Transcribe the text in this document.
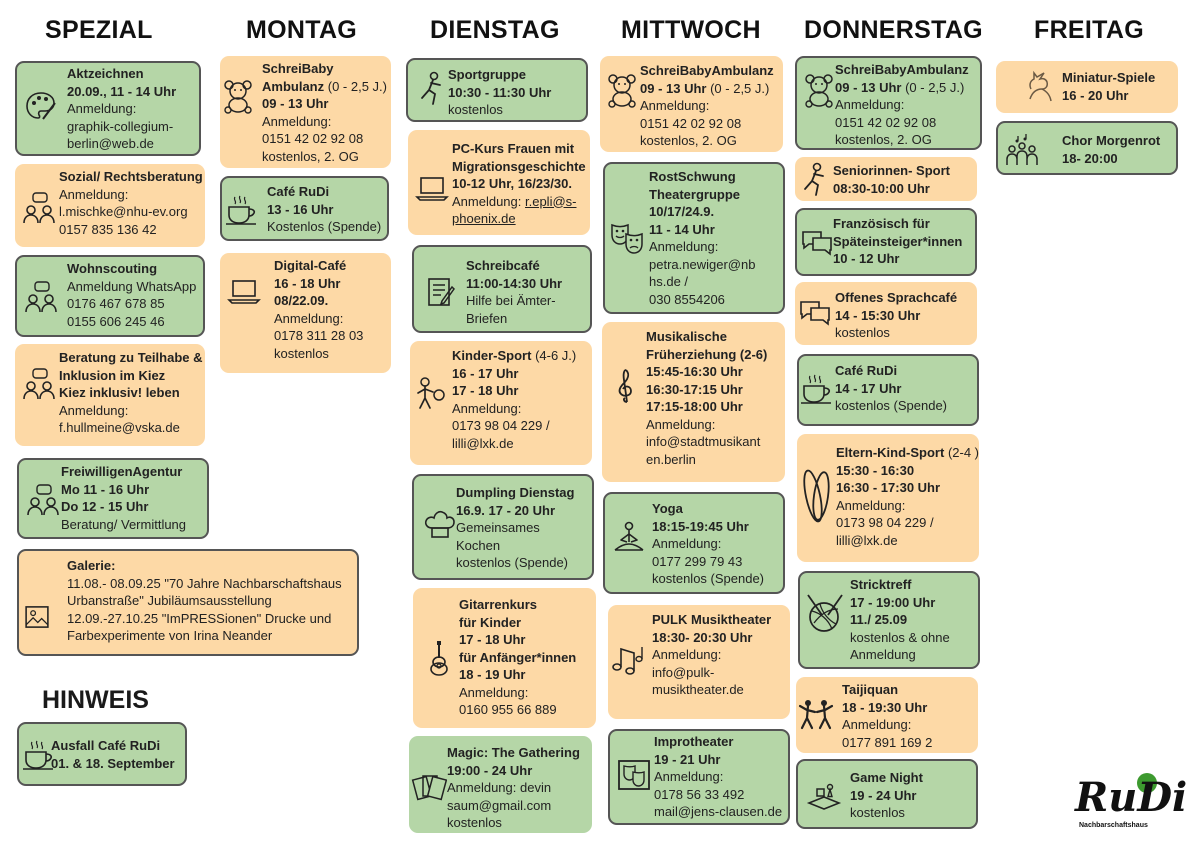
SPEZIAL	MONTAG	DIENSTAG MITTWOCH DONNERSTAG FREITAG
Aktzeichnen
20.09., 11 - 14 Uhr
Anmeldung:
graphik-collegium-
berlin@web.de
Sozial/ Rechtsberatung
Anmeldung:
l.mischke@nhu-ev.org
0157 835 136 42
Wohnscouting
Anmeldung WhatsApp
0176 467 678 85
0155 606 245 46
Beratung zu Teilhabe &
Inklusion im Kiez
Kiez inklusiv! leben
Anmeldung:
f.hullmeine@vska.de
FreiwilligenAgentur
Mo 11 - 16 Uhr
Do 12 - 15 Uhr
Beratung/ Vermittlung
Galerie:
11.08.- 08.09.25 "70 Jahre Nachbarschaftshaus
Urbanstraße" Jubiläumsausstellung
12.09.-27.10.25 "ImPRESSionen" Drucke und
Farbexperimente von Irina Neander
HINWEIS
Ausfall Café RuDi
01. & 18. September
SchreiBaby
Ambulanz (0 - 2,5 J.)
09 - 13 Uhr
Anmeldung:
0151 42 02 92 08
kostenlos, 2. OG
Café RuDi
13 - 16 Uhr
Kostenlos (Spende)
Digital-Café
16 - 18 Uhr
08/22.09.
Anmeldung:
0178 311 28 03
kostenlos
Sportgruppe
10:30 - 11:30 Uhr
kostenlos
PC-Kurs Frauen mit
Migrationsgeschichte
10-12 Uhr, 16/23/30.
Anmeldung: r.epli@s-
phoenix.de
Schreibcafé
11:00-14:30 Uhr
Hilfe bei Ämter-
Briefen
Kinder-Sport (4-6 J.)
16 - 17 Uhr
17 - 18 Uhr
Anmeldung:
0173 98 04 229 /
lilli@lxk.de
Dumpling Dienstag
16.9. 17 - 20 Uhr
Gemeinsames
Kochen
kostenlos (Spende)
Gitarrenkurs
für Kinder
17 - 18 Uhr
für Anfänger*innen
18 - 19 Uhr
Anmeldung:
0160 955 66 889
Magic: The Gathering
19:00 - 24 Uhr
Anmeldung: devin
saum@gmail.com
kostenlos
SchreiBabyAmbulanz
09 - 13 Uhr (0 - 2,5 J.)
Anmeldung:
0151 42 02 92 08
kostenlos, 2. OG
RostSchwung
Theatergruppe
10/17/24.9.
11 - 14 Uhr
Anmeldung:
petra.newiger@nb
hs.de /
030 8554206
Musikalische
Früherziehung (2-6)
15:45-16:30 Uhr
16:30-17:15 Uhr
17:15-18:00 Uhr
Anmeldung:
info@stadtmusikant
en.berlin
Yoga
18:15-19:45 Uhr
Anmeldung:
0177 299 79 43
kostenlos (Spende)
PULK Musiktheater
18:30- 20:30 Uhr
Anmeldung:
info@pulk-
musiktheater.de
Improtheater
19 - 21 Uhr
Anmeldung:
0178 56 33 492
mail@jens-clausen.de
SchreiBabyAmbulanz
09 - 13 Uhr (0 - 2,5 J.)
Anmeldung:
0151 42 02 92 08
kostenlos, 2. OG
Seniorinnen- Sport
08:30-10:00 Uhr
Französisch für
Späteinsteiger*innen
10 - 12 Uhr
Offenes Sprachcafé
14 - 15:30 Uhr
kostenlos
Café RuDi
14 - 17 Uhr
kostenlos (Spende)
Eltern-Kind-Sport (2-4 )
15:30 - 16:30
16:30 - 17:30 Uhr
Anmeldung:
0173 98 04 229 /
lilli@lxk.de
Stricktreff
17 - 19:00 Uhr
11./ 25.09
kostenlos & ohne
Anmeldung
Taijiquan
18 - 19:30 Uhr
Anmeldung:
0177 891 169 2
Game Night
19 - 24 Uhr
kostenlos
Miniatur-Spiele
16 - 20 Uhr
Chor Morgenrot
18- 20:00
RuDi
Nachbarschaftshaus
